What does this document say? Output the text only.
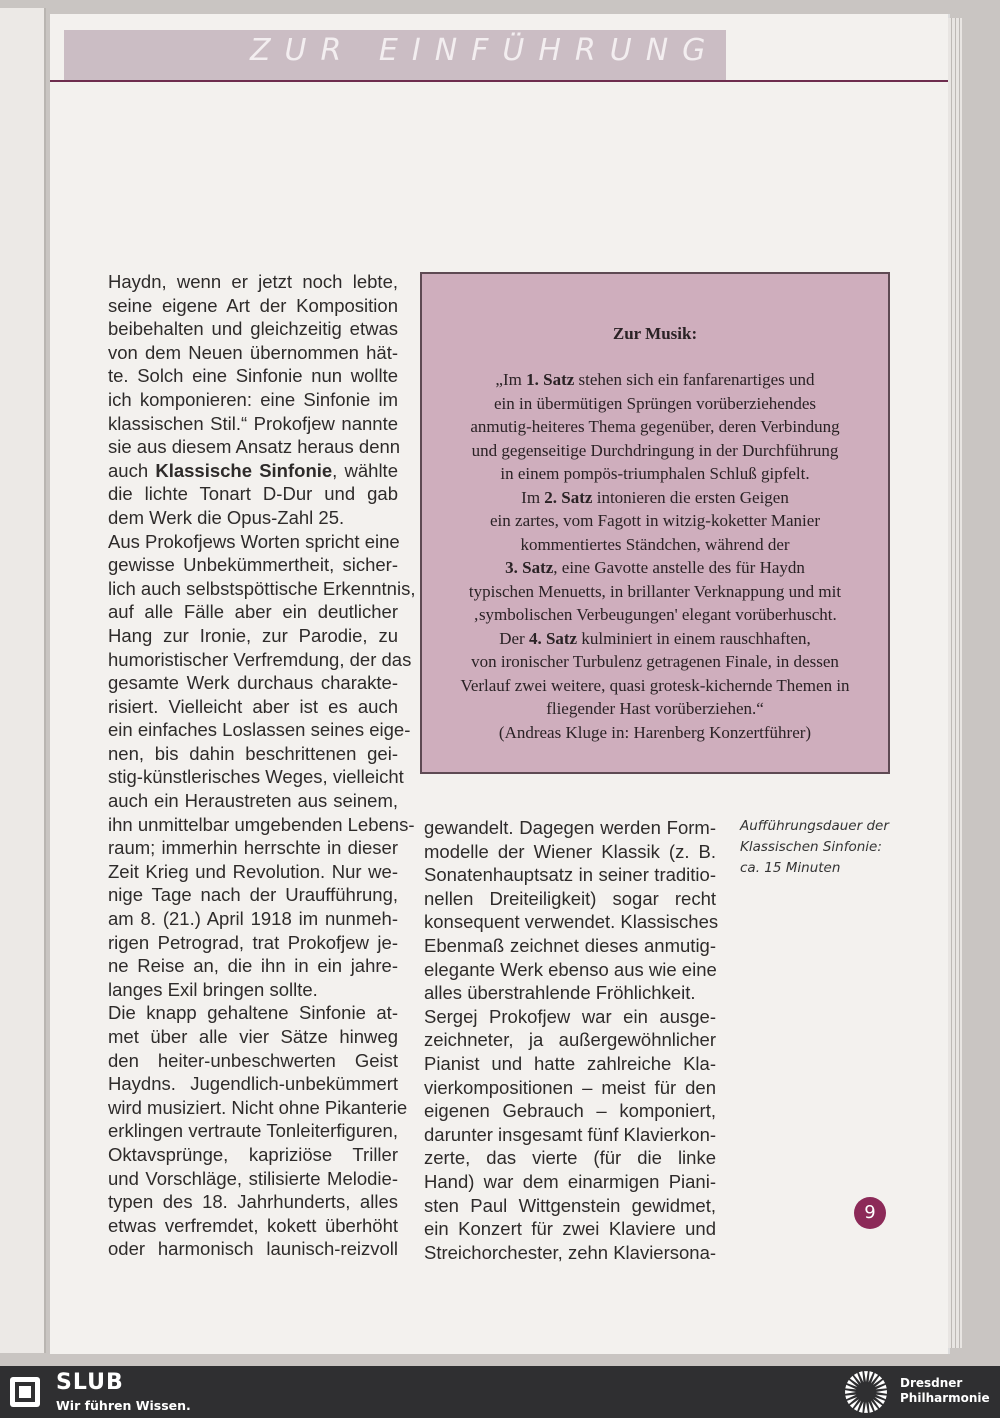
ZUR EINFÜHRUNG
Haydn, wenn er jetzt noch lebte,
seine eigene Art der Komposition
beibehalten und gleichzeitig etwas
von dem Neuen übernommen hät-
te. Solch eine Sinfonie nun wollte
ich komponieren: eine Sinfonie im
klassischen Stil.“ Prokofjew nannte
sie aus diesem Ansatz heraus denn
auch Klassische Sinfonie, wählte
die lichte Tonart D-Dur und gab
dem Werk die Opus-Zahl 25.
Aus Prokofjews Worten spricht eine
gewisse Unbekümmertheit, sicher-
lich auch selbstspöttische Erkenntnis,
auf alle Fälle aber ein deutlicher
Hang zur Ironie, zur Parodie, zu
humoristischer Verfremdung, der das
gesamte Werk durchaus charakte-
risiert. Vielleicht aber ist es auch
ein einfaches Loslassen seines eige-
nen, bis dahin beschrittenen gei-
stig-künstlerisches Weges, vielleicht
auch ein Heraustreten aus seinem,
ihn unmittelbar umgebenden Lebens-
raum; immerhin herrschte in dieser
Zeit Krieg und Revolution. Nur we-
nige Tage nach der Uraufführung,
am 8. (21.) April 1918 im nunmeh-
rigen Petrograd, trat Prokofjew je-
ne Reise an, die ihn in ein jahre-
langes Exil bringen sollte.
Die knapp gehaltene Sinfonie at-
met über alle vier Sätze hinweg
den heiter-unbeschwerten Geist
Haydns. Jugendlich-unbekümmert
wird musiziert. Nicht ohne Pikanterie
erklingen vertraute Tonleiterfiguren,
Oktavsprünge, kapriziöse Triller
und Vorschläge, stilisierte Melodie-
typen des 18. Jahrhunderts, alles
etwas verfremdet, kokett überhöht
oder harmonisch launisch-reizvoll
Zur Musik:
„Im 1. Satz stehen sich ein fanfarenartiges und
ein in übermütigen Sprüngen vorüberziehendes
anmutig-heiteres Thema gegenüber, deren Verbindung
und gegenseitige Durchdringung in der Durchführung
in einem pompös-triumphalen Schluß gipfelt.
Im 2. Satz intonieren die ersten Geigen
ein zartes, vom Fagott in witzig-koketter Manier
kommentiertes Ständchen, während der
3. Satz, eine Gavotte anstelle des für Haydn
typischen Menuetts, in brillanter Verknappung und mit
‚symbolischen Verbeugungen' elegant vorüberhuscht.
Der 4. Satz kulminiert in einem rauschhaften,
von ironischer Turbulenz getragenen Finale, in dessen
Verlauf zwei weitere, quasi grotesk-kichernde Themen in
fliegender Hast vorüberziehen.“
(Andreas Kluge in: Harenberg Konzertführer)
gewandelt. Dagegen werden Form-
modelle der Wiener Klassik (z. B.
Sonatenhauptsatz in seiner traditio-
nellen Dreiteiligkeit) sogar recht
konsequent verwendet. Klassisches
Ebenmaß zeichnet dieses anmutig-
elegante Werk ebenso aus wie eine
alles überstrahlende Fröhlichkeit.
Sergej Prokofjew war ein ausge-
zeichneter, ja außergewöhnlicher
Pianist und hatte zahlreiche Kla-
vierkompositionen – meist für den
eigenen Gebrauch – komponiert,
darunter insgesamt fünf Klavierkon-
zerte, das vierte (für die linke
Hand) war dem einarmigen Piani-
sten Paul Wittgenstein gewidmet,
ein Konzert für zwei Klaviere und
Streichorchester, zehn Klaviersona-
Aufführungsdauer der
Klassischen Sinfonie:
ca. 15 Minuten
9
SLUB
Wir führen Wissen.
Dresdner
Philharmonie
